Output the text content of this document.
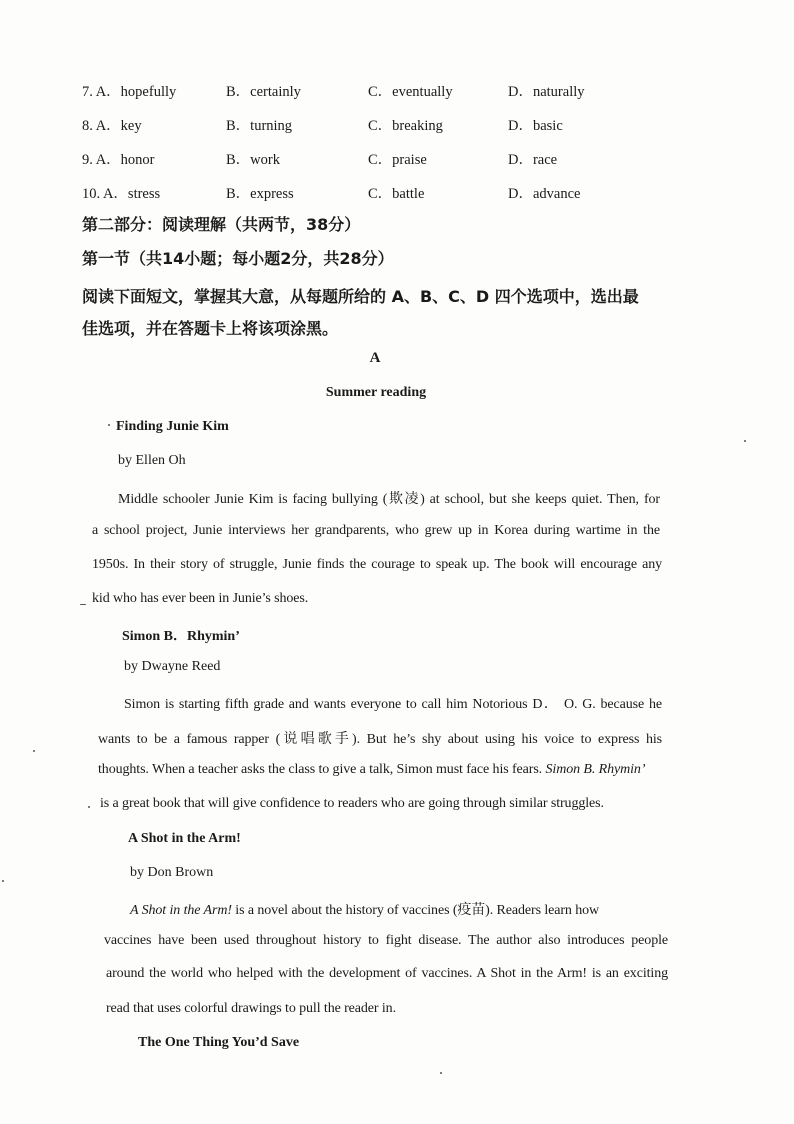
7. A．hopefully	B．certainly	C．eventually	D．naturally
8. A．key	B．turning	C．breaking	D．basic
9. A．honor	B．work	C．praise	D．race
10. A．stress	B．express	C．battle	D．advance
第二部分：阅读理解（共两节，38分）
第一节（共14小题；每小题2分，共28分）
阅读下面短文，掌握其大意，从每题所给的 A、B、C、D 四个选项中，选出最
佳选项，并在答题卡上将该项涂黑。
A
Summer reading
Finding Junie Kim
by Ellen Oh
Middle schooler Junie Kim is facing bullying (欺凌) at school, but she keeps quiet. Then, for
a school project, Junie interviews her grandparents, who grew up in Korea during wartime in the
1950s. In their story of struggle, Junie finds the courage to speak up. The book will encourage any
kid who has ever been in Junie’s shoes.
Simon B．Rhymin’
by Dwayne Reed
Simon is starting fifth grade and wants everyone to call him Notorious D． O. G. because he
wants to be a famous rapper (说唱歌手). But he’s shy about using his voice to express his
thoughts. When a teacher asks the class to give a talk, Simon must face his fears. Simon B. Rhymin’
is a great book that will give confidence to readers who are going through similar struggles.
A Shot in the Arm!
by Don Brown
A Shot in the Arm! is a novel about the history of vaccines (疫苗). Readers learn how
vaccines have been used throughout history to fight disease. The author also introduces people
around the world who helped with the development of vaccines. A Shot in the Arm! is an exciting
read that uses colorful drawings to pull the reader in.
The One Thing You’d Save
